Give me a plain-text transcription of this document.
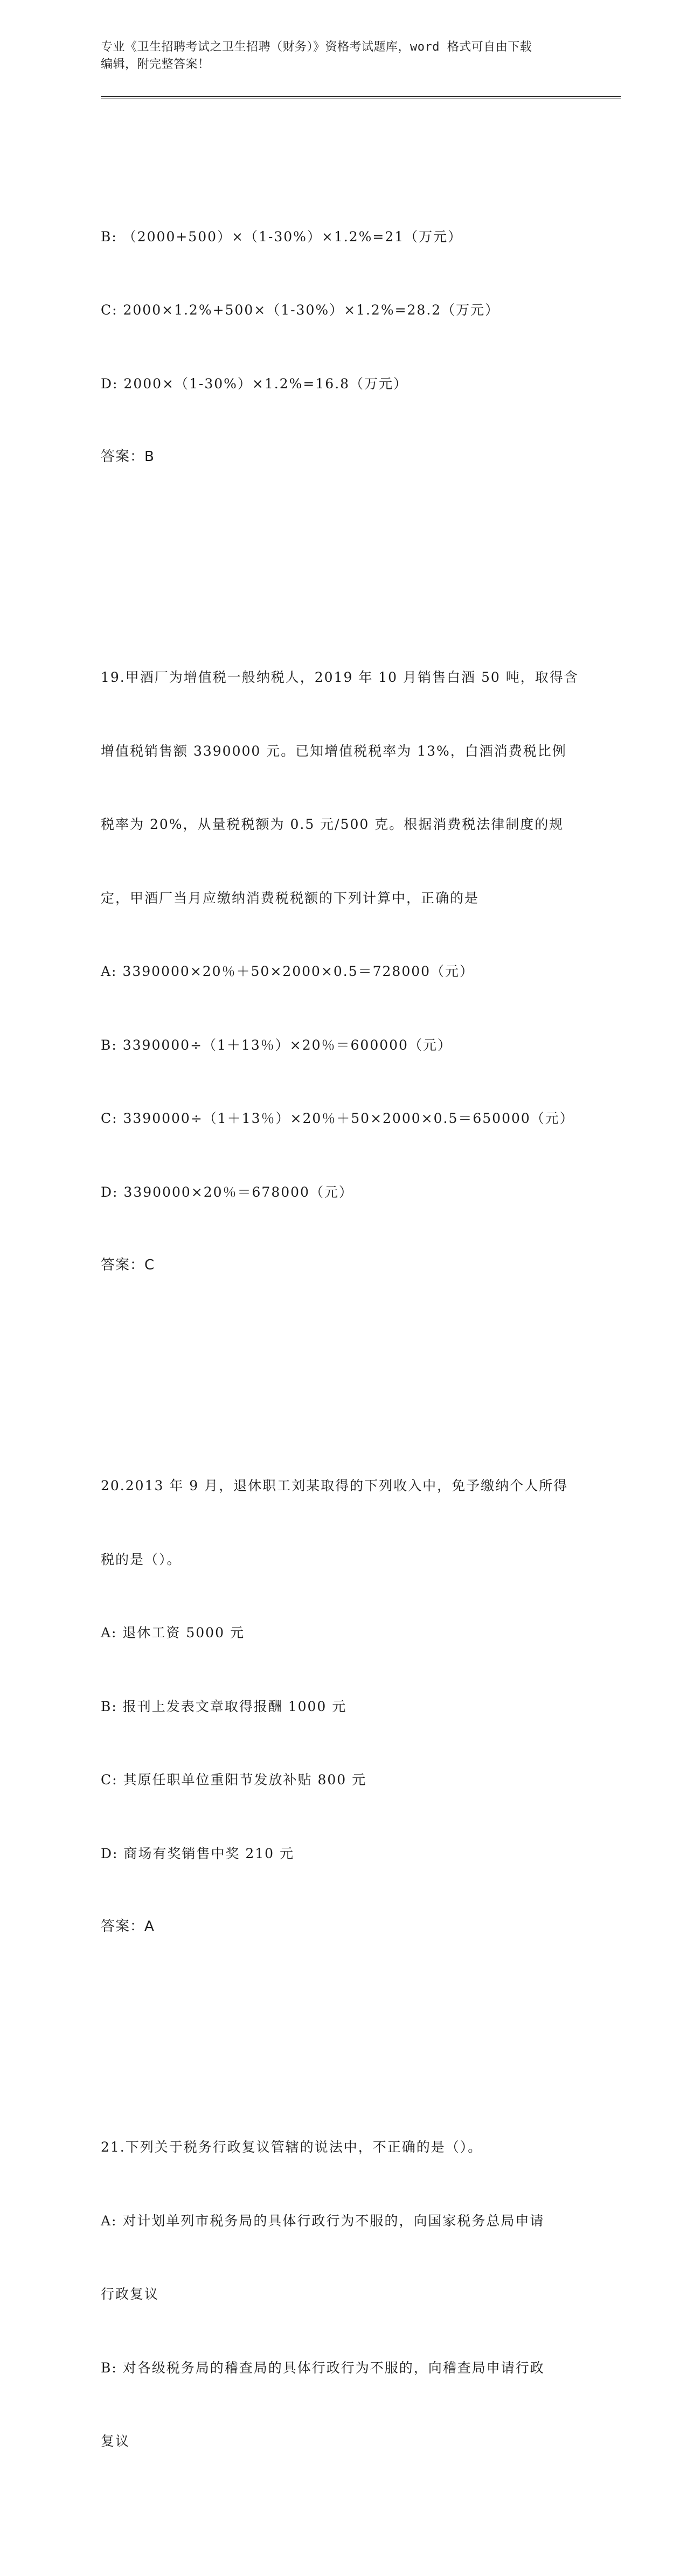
专业《卫生招聘考试之卫生招聘（财务）》资格考试题库，word 格式可自由下载
编辑，附完整答案！

B: （2000+500）×（1-30%）×1.2%=21（万元）

C: 2000×1.2%+500×（1-30%）×1.2%=28.2（万元）

D: 2000×（1-30%）×1.2%=16.8（万元）

答案：B

19.甲酒厂为增值税一般纳税人，2019 年 10 月销售白酒 50 吨，取得含

增值税销售额 3390000 元。已知增值税税率为 13%，白酒消费税比例

税率为 20%，从量税税额为 0.5 元/500 克。根据消费税法律制度的规

定，甲酒厂当月应缴纳消费税税额的下列计算中，正确的是

A: 3390000×20％＋50×2000×0.5＝728000（元）

B: 3390000÷（1＋13％）×20％＝600000（元）

C: 3390000÷（1＋13％）×20％＋50×2000×0.5＝650000（元）

D: 3390000×20％＝678000（元）

答案：C

20.2013 年 9 月，退休职工刘某取得的下列收入中，免予缴纳个人所得

税的是（）。

A: 退休工资 5000 元

B: 报刊上发表文章取得报酬 1000 元

C: 其原任职单位重阳节发放补贴 800 元

D: 商场有奖销售中奖 210 元

答案：A

21.下列关于税务行政复议管辖的说法中，不正确的是（）。

A: 对计划单列市税务局的具体行政行为不服的，向国家税务总局申请

行政复议

B: 对各级税务局的稽查局的具体行政行为不服的，向稽查局申请行政

复议
